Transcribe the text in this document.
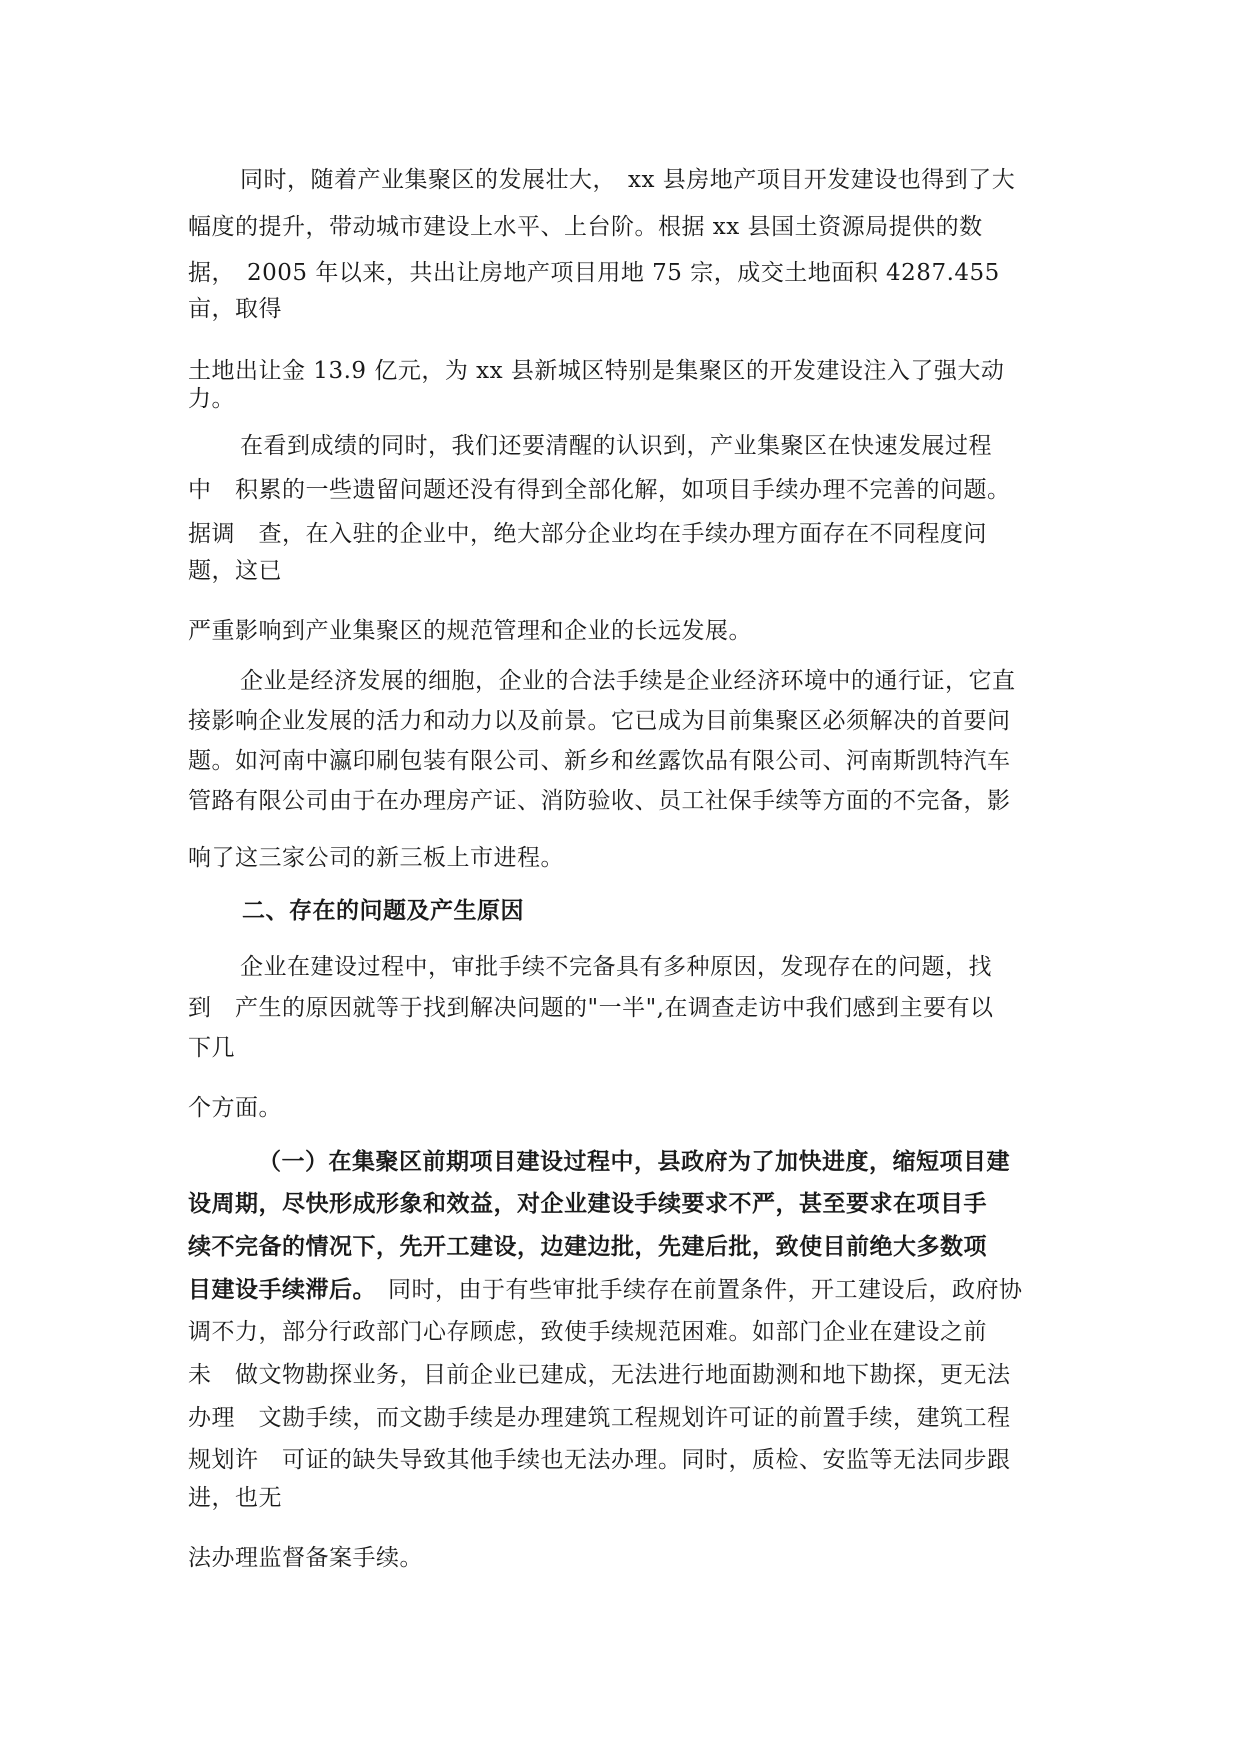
同时，随着产业集聚区的发展壮大，　xx 县房地产项目开发建设也得到了大

幅度的提升，带动城市建设上水平、上台阶。根据 xx 县国土资源局提供的数

据，　2005 年以来，共出让房地产项目用地 75 宗，成交土地面积 4287.455

亩，取得

土地出让金 13.9 亿元，为 xx 县新城区特别是集聚区的开发建设注入了强大动

力。

在看到成绩的同时，我们还要清醒的认识到，产业集聚区在快速发展过程

中　积累的一些遗留问题还没有得到全部化解，如项目手续办理不完善的问题。

据调　查，在入驻的企业中，绝大部分企业均在手续办理方面存在不同程度问

题，这已

严重影响到产业集聚区的规范管理和企业的长远发展。

企业是经济发展的细胞，企业的合法手续是企业经济环境中的通行证，它直

接影响企业发展的活力和动力以及前景。它已成为目前集聚区必须解决的首要问

题。如河南中瀛印刷包装有限公司、新乡和丝露饮品有限公司、河南斯凯特汽车

管路有限公司由于在办理房产证、消防验收、员工社保手续等方面的不完备，影

响了这三家公司的新三板上市进程。

二、存在的问题及产生原因

企业在建设过程中，审批手续不完备具有多种原因，发现存在的问题，找

到　产生的原因就等于找到解决问题的"一半",在调查走访中我们感到主要有以

下几

个方面。

（一）在集聚区前期项目建设过程中，县政府为了加快进度，缩短项目建

设周期，尽快形成形象和效益，对企业建设手续要求不严，甚至要求在项目手

续不完备的情况下，先开工建设，边建边批，先建后批，致使目前绝大多数项

目建设手续滞后。　同时，由于有些审批手续存在前置条件，开工建设后，政府协

调不力，部分行政部门心存顾虑，致使手续规范困难。如部门企业在建设之前

未　做文物勘探业务，目前企业已建成，无法进行地面勘测和地下勘探，更无法

办理　文勘手续，而文勘手续是办理建筑工程规划许可证的前置手续，建筑工程

规划许　可证的缺失导致其他手续也无法办理。同时，质检、安监等无法同步跟

进，也无

法办理监督备案手续。
